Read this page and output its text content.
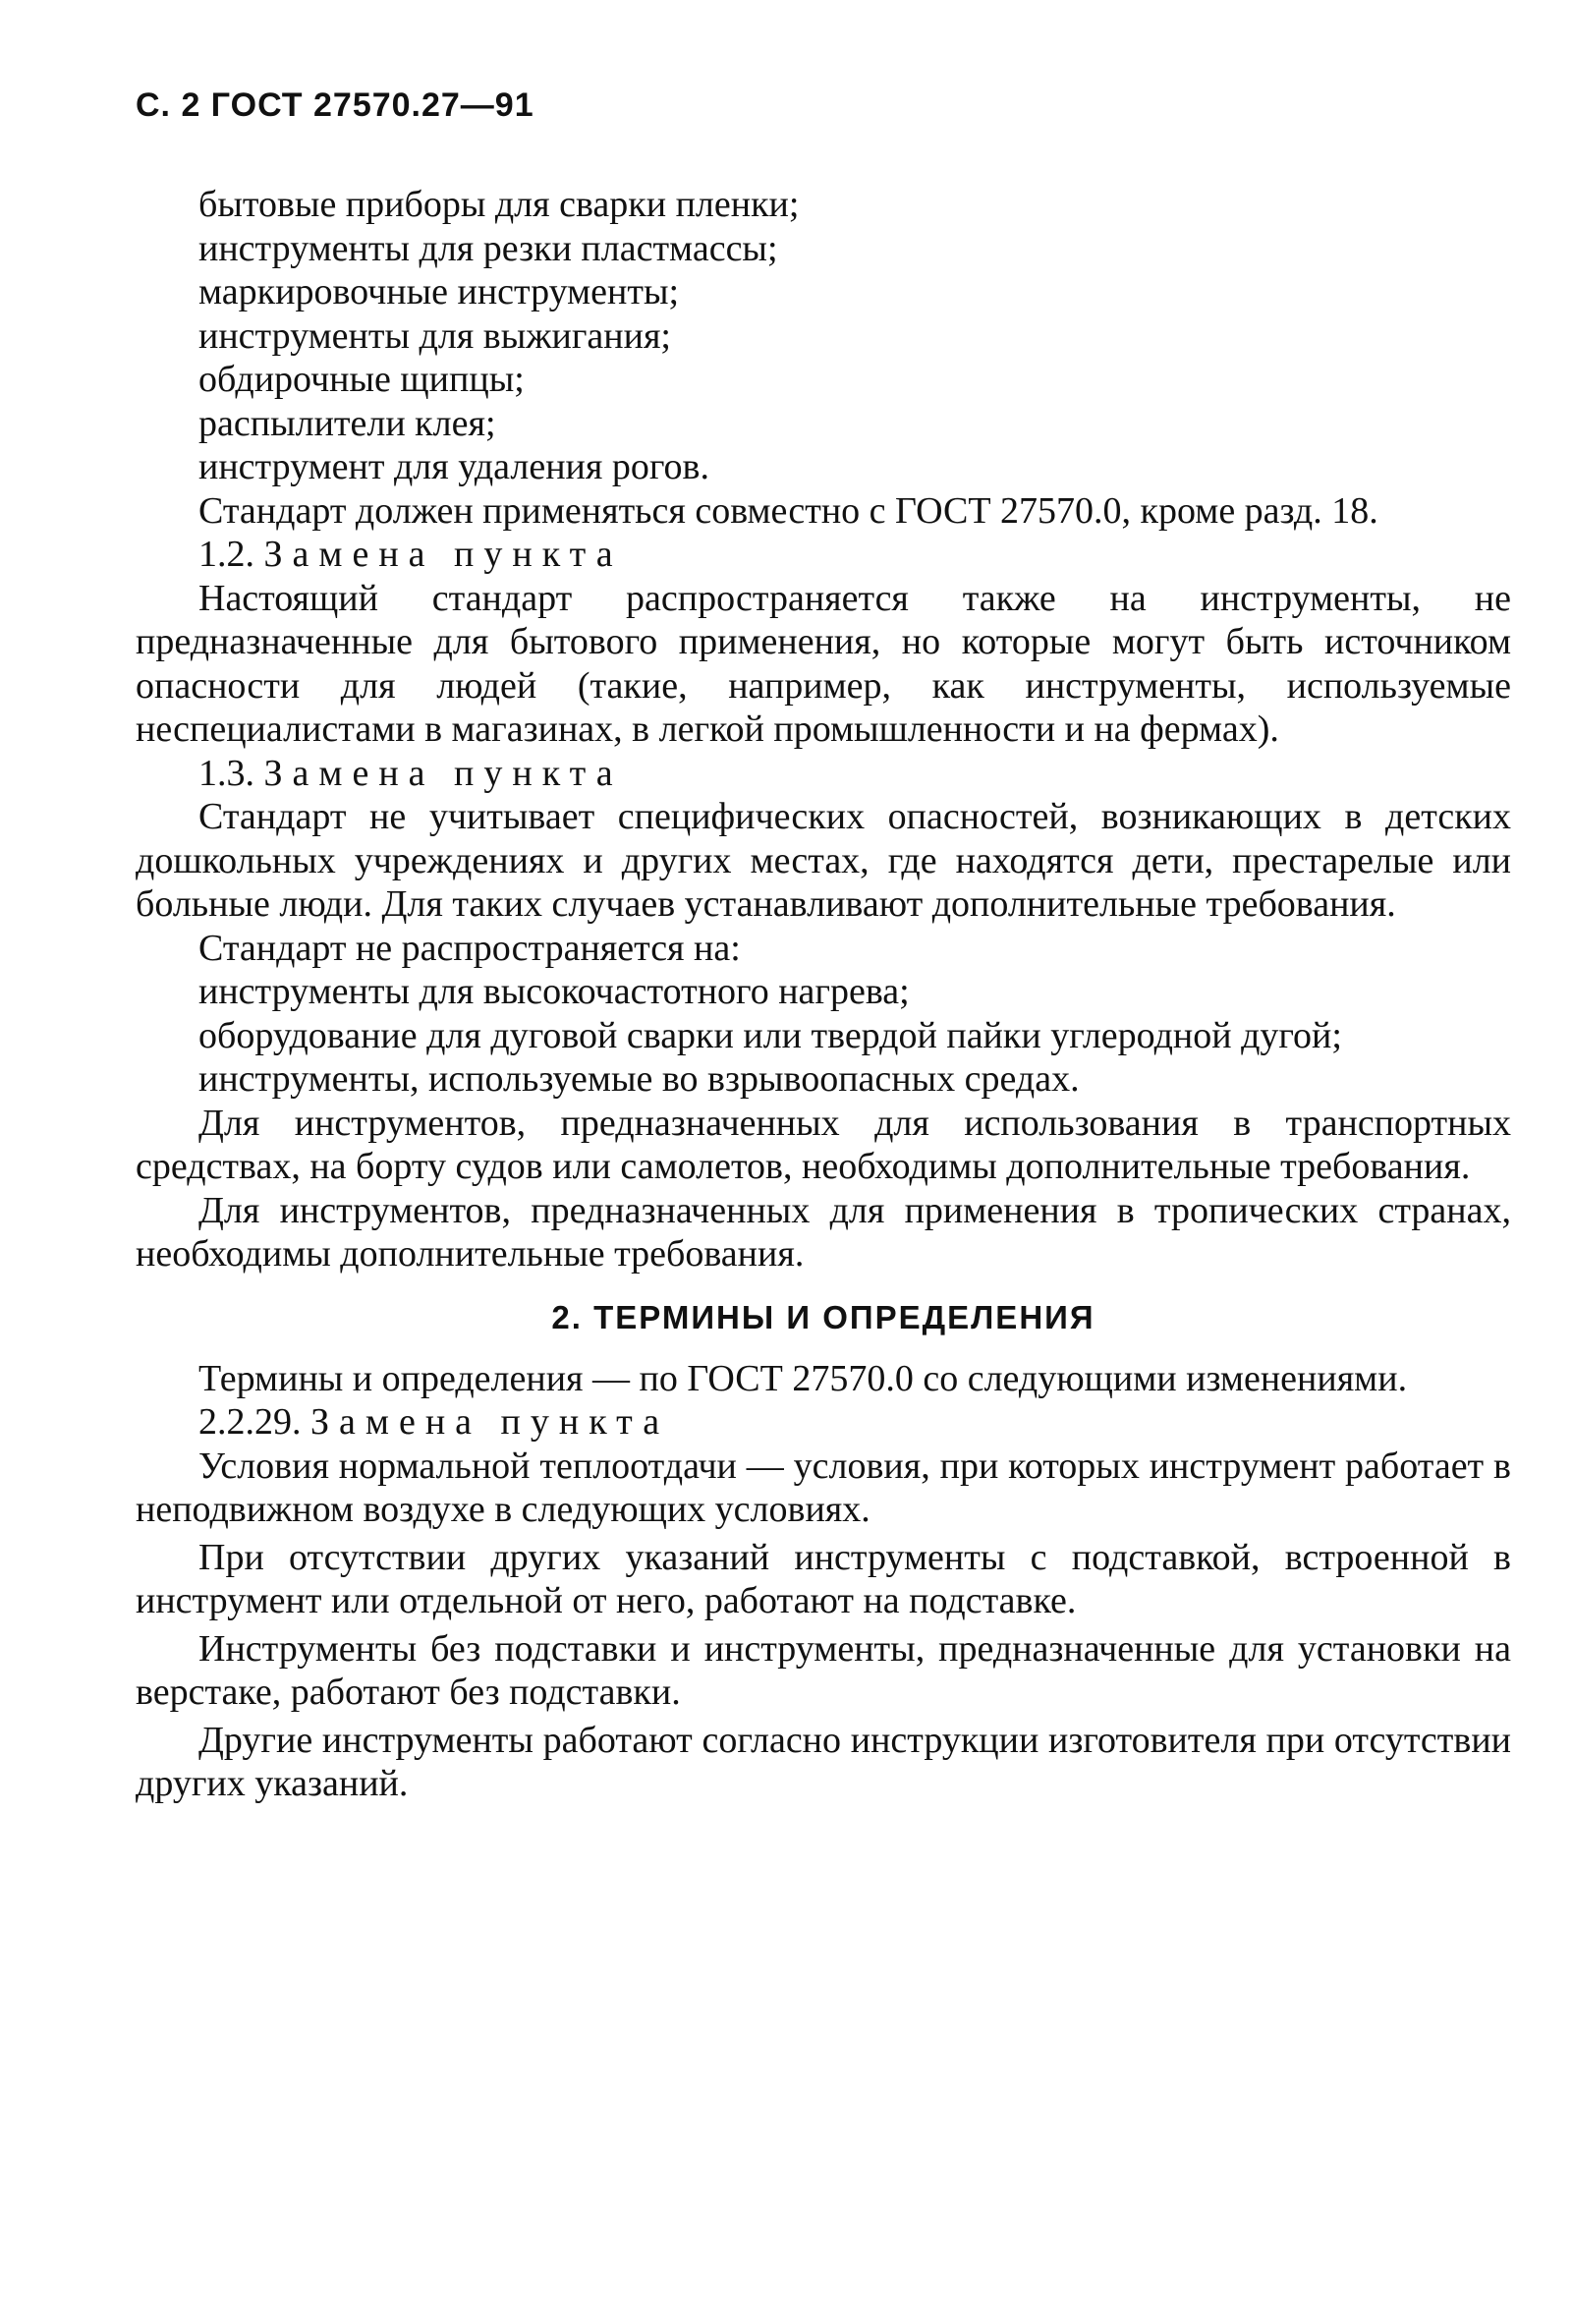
С. 2 ГОСТ 27570.27—91

бытовые приборы для сварки пленки;

инструменты для резки пластмассы;

маркировочные инструменты;

инструменты для выжигания;

обдирочные щипцы;

распылители клея;

инструмент для удаления рогов.

Стандарт должен применяться совместно с ГОСТ 27570.0, кроме разд. 18.

1.2. Замена пункта

Настоящий стандарт распространяется также на инструменты, не предназначенные для бытового применения, но которые могут быть источником опасности для людей (такие, например, как инструменты, используемые неспециалистами в магазинах, в легкой промышленности и на фермах).

1.3. Замена пункта

Стандарт не учитывает специфических опасностей, возникающих в детских дошкольных учреждениях и других местах, где находятся дети, престарелые или больные люди. Для таких случаев устанавливают дополнительные требования.

Стандарт не распространяется на:

инструменты для высокочастотного нагрева;

оборудование для дуговой сварки или твердой пайки углеродной дугой;

инструменты, используемые во взрывоопасных средах.

Для инструментов, предназначенных для использования в транспортных средствах, на борту судов или самолетов, необходимы дополнительные требования.

Для инструментов, предназначенных для применения в тропических странах, необходимы дополнительные требования.

2. ТЕРМИНЫ И ОПРЕДЕЛЕНИЯ

Термины и определения — по ГОСТ 27570.0 со следующими изменениями.

2.2.29. Замена пункта

Условия нормальной теплоотдачи — условия, при которых инструмент работает в неподвижном воздухе в следующих условиях.

При отсутствии других указаний инструменты с подставкой, встроенной в инструмент или отдельной от него, работают на подставке.

Инструменты без подставки и инструменты, предназначенные для установки на верстаке, работают без подставки.

Другие инструменты работают согласно инструкции изготовителя при отсутствии других указаний.
